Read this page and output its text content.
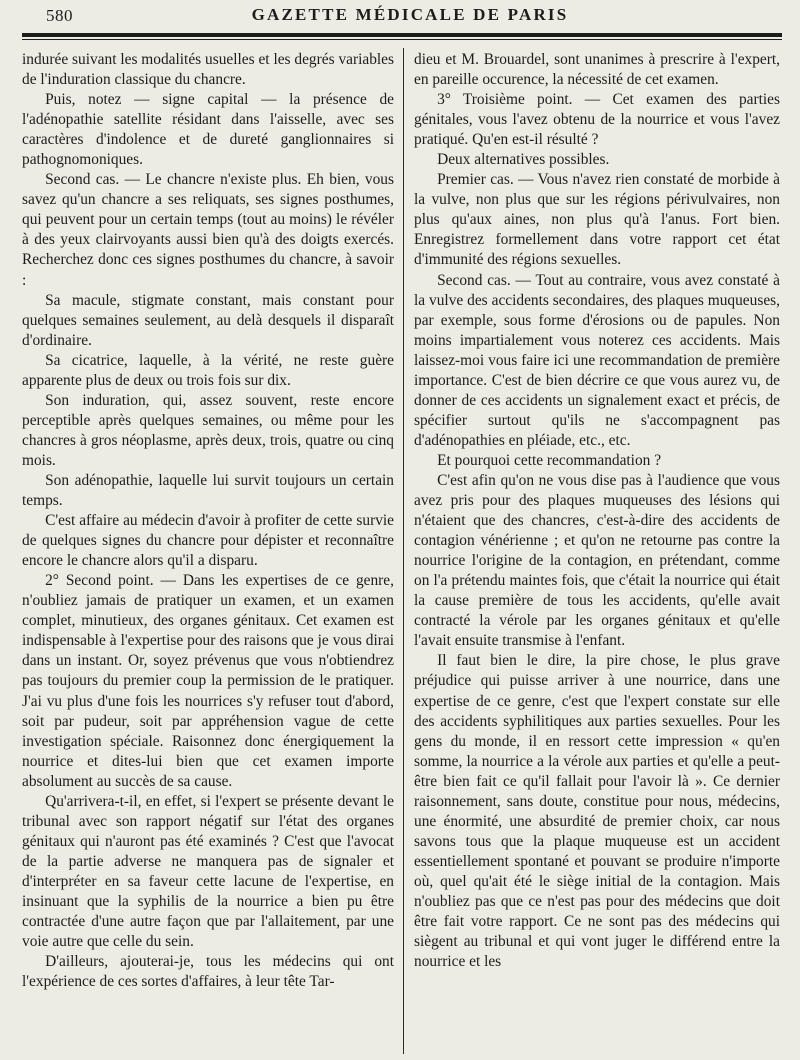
580	GAZETTE MÉDICALE DE PARIS

indurée suivant les modalités usuelles et les degrés variables de l'induration classique du chancre.

Puis, notez — signe capital — la présence de l'adénopathie satellite résidant dans l'aisselle, avec ses caractères d'indolence et de dureté ganglionnaires si pathognomoniques.

Second cas. — Le chancre n'existe plus. Eh bien, vous savez qu'un chancre a ses reliquats, ses signes posthumes, qui peuvent pour un certain temps (tout au moins) le révéler à des yeux clairvoyants aussi bien qu'à des doigts exercés. Recherchez donc ces signes posthumes du chancre, à savoir :

Sa macule, stigmate constant, mais constant pour quelques semaines seulement, au delà desquels il disparaît d'ordinaire.

Sa cicatrice, laquelle, à la vérité, ne reste guère apparente plus de deux ou trois fois sur dix.

Son induration, qui, assez souvent, reste encore perceptible après quelques semaines, ou même pour les chancres à gros néoplasme, après deux, trois, quatre ou cinq mois.

Son adénopathie, laquelle lui survit toujours un certain temps.

C'est affaire au médecin d'avoir à profiter de cette survie de quelques signes du chancre pour dépister et reconnaître encore le chancre alors qu'il a disparu.

2° Second point. — Dans les expertises de ce genre, n'oubliez jamais de pratiquer un examen, et un examen complet, minutieux, des organes génitaux. Cet examen est indispensable à l'expertise pour des raisons que je vous dirai dans un instant. Or, soyez prévenus que vous n'obtiendrez pas toujours du premier coup la permission de le pratiquer. J'ai vu plus d'une fois les nourrices s'y refuser tout d'abord, soit par pudeur, soit par appréhension vague de cette investigation spéciale. Raisonnez donc énergiquement la nourrice et dites-lui bien que cet examen importe absolument au succès de sa cause.

Qu'arrivera-t-il, en effet, si l'expert se présente devant le tribunal avec son rapport négatif sur l'état des organes génitaux qui n'auront pas été examinés ? C'est que l'avocat de la partie adverse ne manquera pas de signaler et d'interpréter en sa faveur cette lacune de l'expertise, en insinuant que la syphilis de la nourrice a bien pu être contractée d'une autre façon que par l'allaitement, par une voie autre que celle du sein.

D'ailleurs, ajouterai-je, tous les médecins qui ont l'expérience de ces sortes d'affaires, à leur tête Tar-

dieu et M. Brouardel, sont unanimes à prescrire à l'expert, en pareille occurence, la nécessité de cet examen.

3° Troisième point. — Cet examen des parties génitales, vous l'avez obtenu de la nourrice et vous l'avez pratiqué. Qu'en est-il résulté ?

Deux alternatives possibles.

Premier cas. — Vous n'avez rien constaté de morbide à la vulve, non plus que sur les régions périvulvaires, non plus qu'aux aines, non plus qu'à l'anus. Fort bien. Enregistrez formellement dans votre rapport cet état d'immunité des régions sexuelles.

Second cas. — Tout au contraire, vous avez constaté à la vulve des accidents secondaires, des plaques muqueuses, par exemple, sous forme d'érosions ou de papules. Non moins impartialement vous noterez ces accidents. Mais laissez-moi vous faire ici une recommandation de première importance. C'est de bien décrire ce que vous aurez vu, de donner de ces accidents un signalement exact et précis, de spécifier surtout qu'ils ne s'accompagnent pas d'adénopathies en pléiade, etc., etc.

Et pourquoi cette recommandation ?

C'est afin qu'on ne vous dise pas à l'audience que vous avez pris pour des plaques muqueuses des lésions qui n'étaient que des chancres, c'est-à-dire des accidents de contagion vénérienne ; et qu'on ne retourne pas contre la nourrice l'origine de la contagion, en prétendant, comme on l'a prétendu maintes fois, que c'était la nourrice qui était la cause première de tous les accidents, qu'elle avait contracté la vérole par les organes génitaux et qu'elle l'avait ensuite transmise à l'enfant.

Il faut bien le dire, la pire chose, le plus grave préjudice qui puisse arriver à une nourrice, dans une expertise de ce genre, c'est que l'expert constate sur elle des accidents syphilitiques aux parties sexuelles. Pour les gens du monde, il en ressort cette impression « qu'en somme, la nourrice a la vérole aux parties et qu'elle a peut-être bien fait ce qu'il fallait pour l'avoir là ». Ce dernier raisonnement, sans doute, constitue pour nous, médecins, une énormité, une absurdité de premier choix, car nous savons tous que la plaque muqueuse est un accident essentiellement spontané et pouvant se produire n'importe où, quel qu'ait été le siège initial de la contagion. Mais n'oubliez pas que ce n'est pas pour des médecins que doit être fait votre rapport. Ce ne sont pas des médecins qui siègent au tribunal et qui vont juger le différend entre la nourrice et les
